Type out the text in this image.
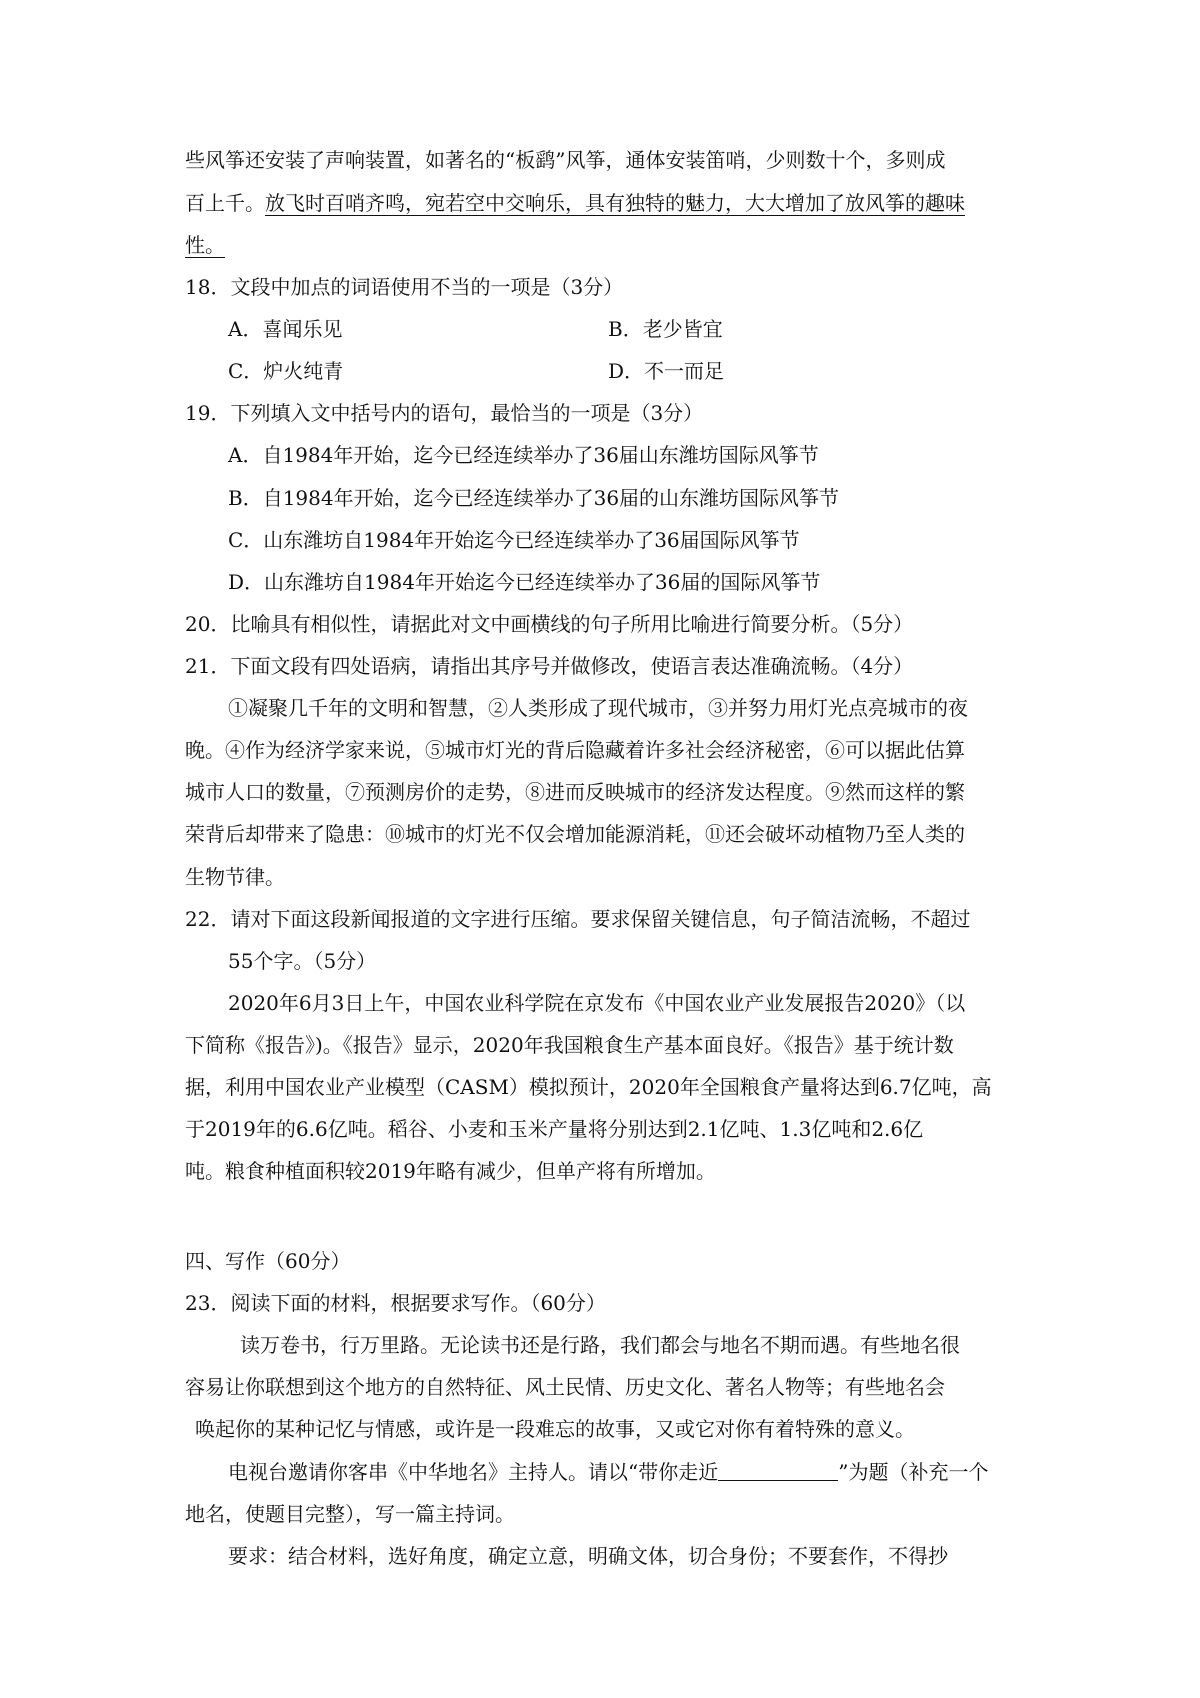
些风筝还安装了声响装置，如著名的“板鹞”风筝，通体安装笛哨，少则数十个，多则成
百上千。放飞时百哨齐鸣，宛若空中交响乐，具有独特的魅力，大大增加了放风筝的趣味
性。
18．文段中加点的词语使用不当的一项是（3分）
A．喜闻乐见	B．老少皆宜
C．炉火纯青	D．不一而足
19．下列填入文中括号内的语句，最恰当的一项是（3分）
A．自1984年开始，迄今已经连续举办了36届山东潍坊国际风筝节
B．自1984年开始，迄今已经连续举办了36届的山东潍坊国际风筝节
C．山东潍坊自1984年开始迄今已经连续举办了36届国际风筝节
D．山东潍坊自1984年开始迄今已经连续举办了36届的国际风筝节
20．比喻具有相似性，请据此对文中画横线的句子所用比喻进行简要分析。（5分）
21．下面文段有四处语病，请指出其序号并做修改，使语言表达准确流畅。（4分）
①凝聚几千年的文明和智慧，②人类形成了现代城市，③并努力用灯光点亮城市的夜
晚。④作为经济学家来说，⑤城市灯光的背后隐藏着许多社会经济秘密，⑥可以据此估算
城市人口的数量，⑦预测房价的走势，⑧进而反映城市的经济发达程度。⑨然而这样的繁
荣背后却带来了隐患：⑩城市的灯光不仅会增加能源消耗，⑪还会破坏动植物乃至人类的
生物节律。
22．请对下面这段新闻报道的文字进行压缩。要求保留关键信息，句子简洁流畅，不超过
55个字。（5分）
2020年6月3日上午，中国农业科学院在京发布《中国农业产业发展报告2020》（以
下简称《报告》)。《报告》显示，2020年我国粮食生产基本面良好。《报告》基于统计数
据，利用中国农业产业模型（CASM）模拟预计，2020年全国粮食产量将达到6.7亿吨，高
于2019年的6.6亿吨。稻谷、小麦和玉米产量将分别达到2.1亿吨、1.3亿吨和2.6亿
吨。粮食种植面积较2019年略有减少，但单产将有所增加。
四、写作（60分）
23．阅读下面的材料，根据要求写作。（60分）
读万卷书，行万里路。无论读书还是行路，我们都会与地名不期而遇。有些地名很
容易让你联想到这个地方的自然特征、风土民情、历史文化、著名人物等；有些地名会
唤起你的某种记忆与情感，或许是一段难忘的故事，又或它对你有着特殊的意义。
电视台邀请你客串《中华地名》主持人。请以“带你走近	”为题（补充一个
地名，使题目完整），写一篇主持词。
要求：结合材料，选好角度，确定立意，明确文体，切合身份；不要套作，不得抄
